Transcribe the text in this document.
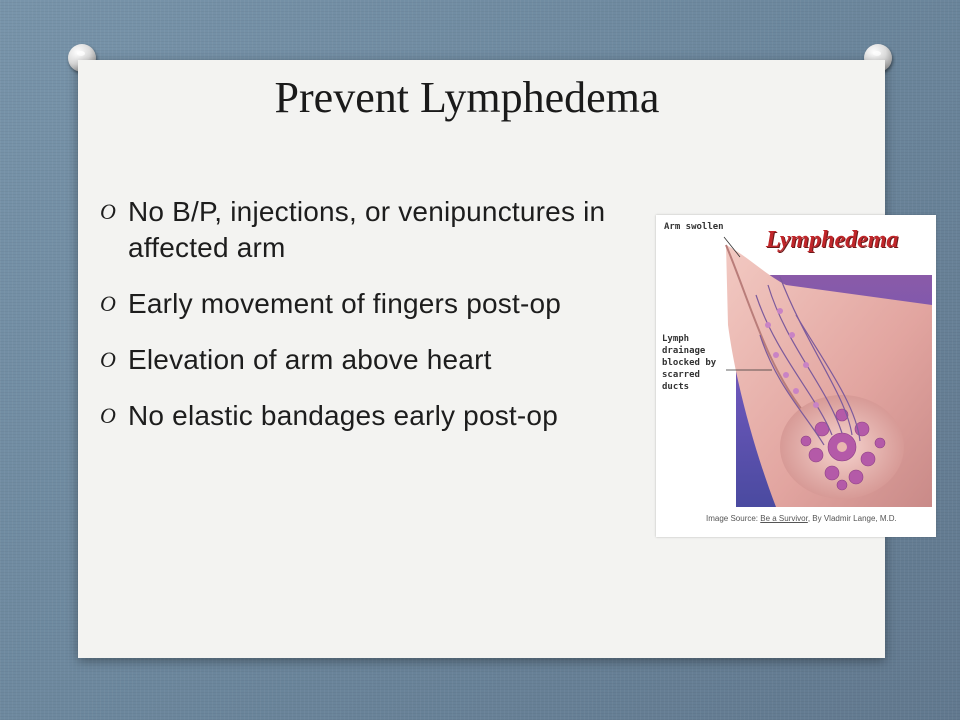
Prevent Lymphedema
O No B/P, injections, or venipunctures in affected arm
O Early movement of fingers post-op
O Elevation of arm above heart
O No elastic bandages early post-op
Lymphedema
Arm swollen
Lymph
drainage
blocked by
scarred
ducts
Image Source: Be a Survivor, By Vladmir Lange, M.D.
